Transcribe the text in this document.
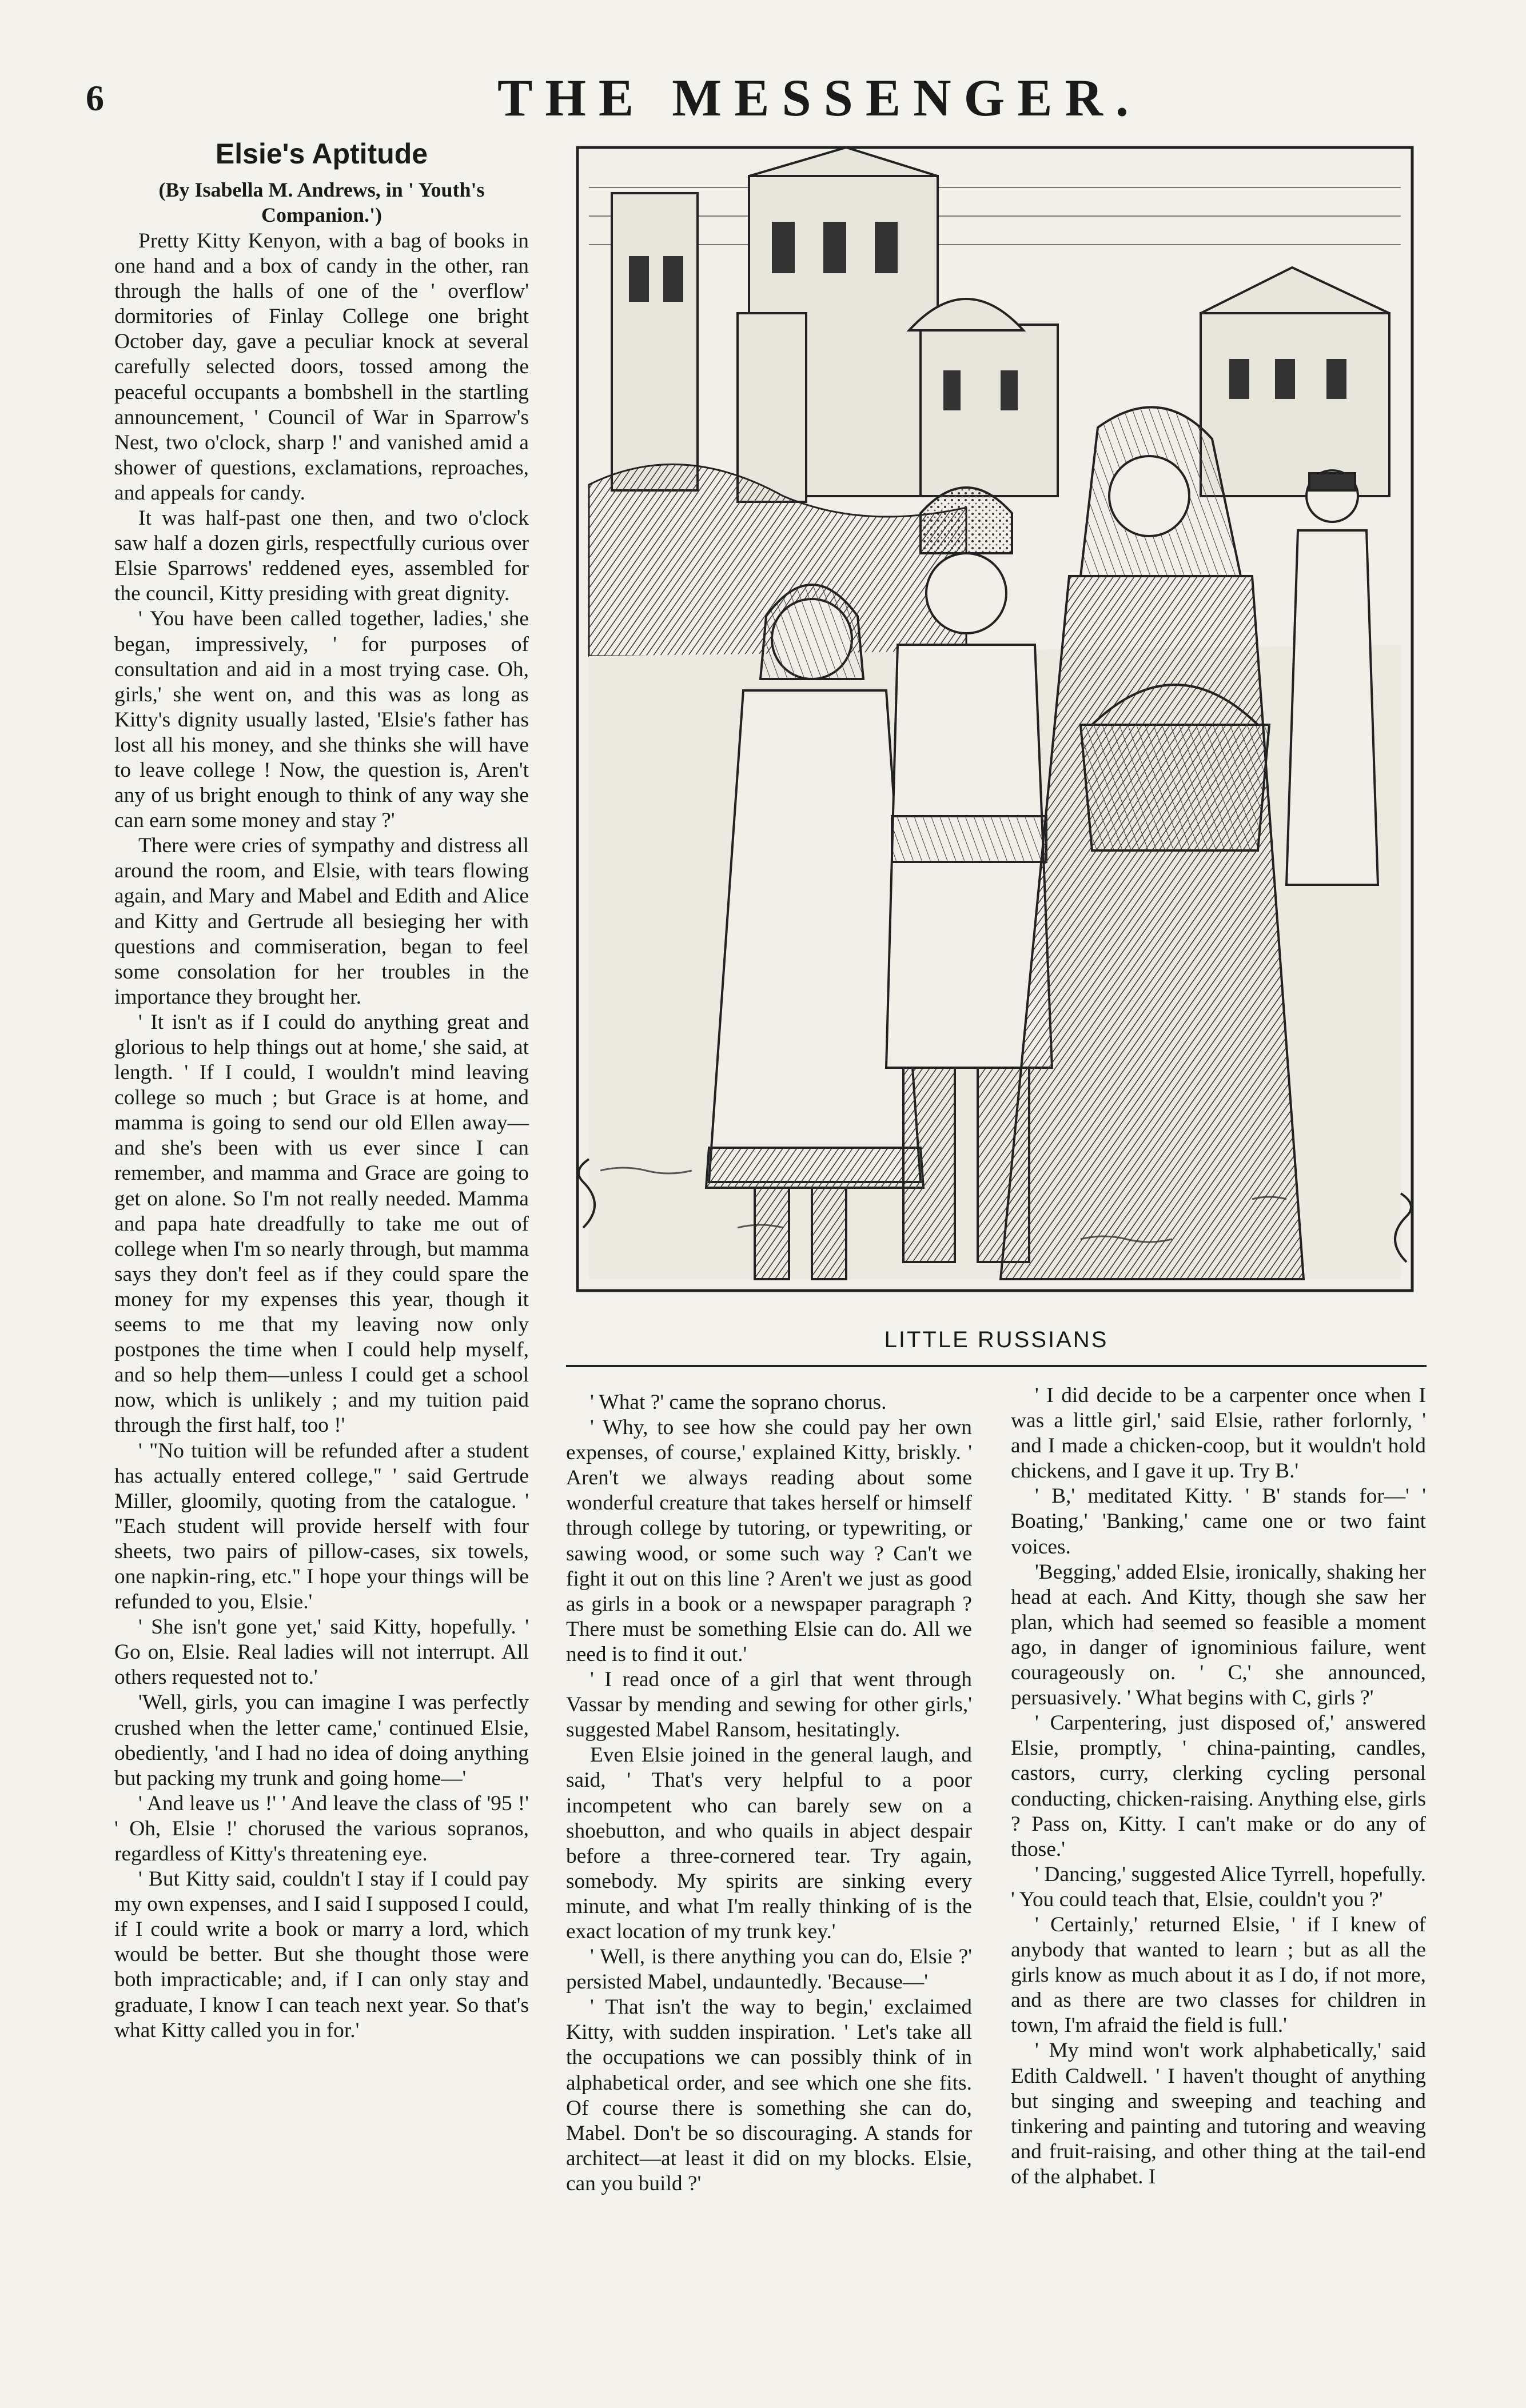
6	THE MESSENGER.
Elsie's Aptitude
(By Isabella M. Andrews, in ' Youth's Companion.')

Pretty Kitty Kenyon, with a bag of books in one hand and a box of candy in the other, ran through the halls of one of the ' overflow' dormitories of Finlay College one bright October day, gave a peculiar knock at several carefully selected doors, tossed among the peaceful occupants a bombshell in the startling announcement, ' Council of War in Sparrow's Nest, two o'clock, sharp !' and vanished amid a shower of questions, exclamations, reproaches, and appeals for candy.

It was half-past one then, and two o'clock saw half a dozen girls, respectfully curious over Elsie Sparrows' reddened eyes, assembled for the council, Kitty presiding with great dignity.

' You have been called together, ladies,' she began, impressively, ' for purposes of consultation and aid in a most trying case. Oh, girls,' she went on, and this was as long as Kitty's dignity usually lasted, 'Elsie's father has lost all his money, and she thinks she will have to leave college ! Now, the question is, Aren't any of us bright enough to think of any way she can earn some money and stay ?'

There were cries of sympathy and distress all around the room, and Elsie, with tears flowing again, and Mary and Mabel and Edith and Alice and Kitty and Gertrude all besieging her with questions and commiseration, began to feel some consolation for her troubles in the importance they brought her.

' It isn't as if I could do anything great and glorious to help things out at home,' she said, at length. ' If I could, I wouldn't mind leaving college so much ; but Grace is at home, and mamma is going to send our old Ellen away—and she's been with us ever since I can remember, and mamma and Grace are going to get on alone. So I'm not really needed. Mamma and papa hate dreadfully to take me out of college when I'm so nearly through, but mamma says they don't feel as if they could spare the money for my expenses this year, though it seems to me that my leaving now only postpones the time when I could help myself, and so help them—unless I could get a school now, which is unlikely ; and my tuition paid through the first half, too !'

' "No tuition will be refunded after a student has actually entered college," ' said Gertrude Miller, gloomily, quoting from the catalogue. ' "Each student will provide herself with four sheets, two pairs of pillow-cases, six towels, one napkin-ring, etc." I hope your things will be refunded to you, Elsie.'

' She isn't gone yet,' said Kitty, hopefully. ' Go on, Elsie. Real ladies will not interrupt. All others requested not to.'

'Well, girls, you can imagine I was perfectly crushed when the letter came,' continued Elsie, obediently, 'and I had no idea of doing anything but packing my trunk and going home—'

' And leave us !' ' And leave the class of '95 !' ' Oh, Elsie !' chorused the various sopranos, regardless of Kitty's threatening eye.

' But Kitty said, couldn't I stay if I could pay my own expenses, and I said I supposed I could, if I could write a book or marry a lord, which would be better. But she thought those were both impracticable; and, if I can only stay and graduate, I know I can teach next year. So that's what Kitty called you in for.'

LITTLE RUSSIANS

' What ?' came the soprano chorus.

' Why, to see how she could pay her own expenses, of course,' explained Kitty, briskly. ' Aren't we always reading about some wonderful creature that takes herself or himself through college by tutoring, or typewriting, or sawing wood, or some such way ? Can't we fight it out on this line ? Aren't we just as good as girls in a book or a newspaper paragraph ? There must be something Elsie can do. All we need is to find it out.'

' I read once of a girl that went through Vassar by mending and sewing for other girls,' suggested Mabel Ransom, hesitatingly.

Even Elsie joined in the general laugh, and said, ' That's very helpful to a poor incompetent who can barely sew on a shoebutton, and who quails in abject despair before a three-cornered tear. Try again, somebody. My spirits are sinking every minute, and what I'm really thinking of is the exact location of my trunk key.'

' Well, is there anything you can do, Elsie ?' persisted Mabel, undauntedly. 'Because—'

' That isn't the way to begin,' exclaimed Kitty, with sudden inspiration. ' Let's take all the occupations we can possibly think of in alphabetical order, and see which one she fits. Of course there is something she can do, Mabel. Don't be so discouraging. A stands for architect—at least it did on my blocks. Elsie, can you build ?'

' I did decide to be a carpenter once when I was a little girl,' said Elsie, rather forlornly, ' and I made a chicken-coop, but it wouldn't hold chickens, and I gave it up. Try B.'

' B,' meditated Kitty. ' B' stands for—' ' Boating,' 'Banking,' came one or two faint voices.

'Begging,' added Elsie, ironically, shaking her head at each. And Kitty, though she saw her plan, which had seemed so feasible a moment ago, in danger of ignominious failure, went courageously on. ' C,' she announced, persuasively. ' What begins with C, girls ?'

' Carpentering, just disposed of,' answered Elsie, promptly, ' china-painting, candles, castors, curry, clerking cycling personal conducting, chicken-raising. Anything else, girls ? Pass on, Kitty. I can't make or do any of those.'

' Dancing,' suggested Alice Tyrrell, hopefully. ' You could teach that, Elsie, couldn't you ?'

' Certainly,' returned Elsie, ' if I knew of anybody that wanted to learn ; but as all the girls know as much about it as I do, if not more, and as there are two classes for children in town, I'm afraid the field is full.'

' My mind won't work alphabetically,' said Edith Caldwell. ' I haven't thought of anything but singing and sweeping and teaching and tinkering and painting and tutoring and weaving and fruit-raising, and other thing at the tail-end of the alphabet. I
